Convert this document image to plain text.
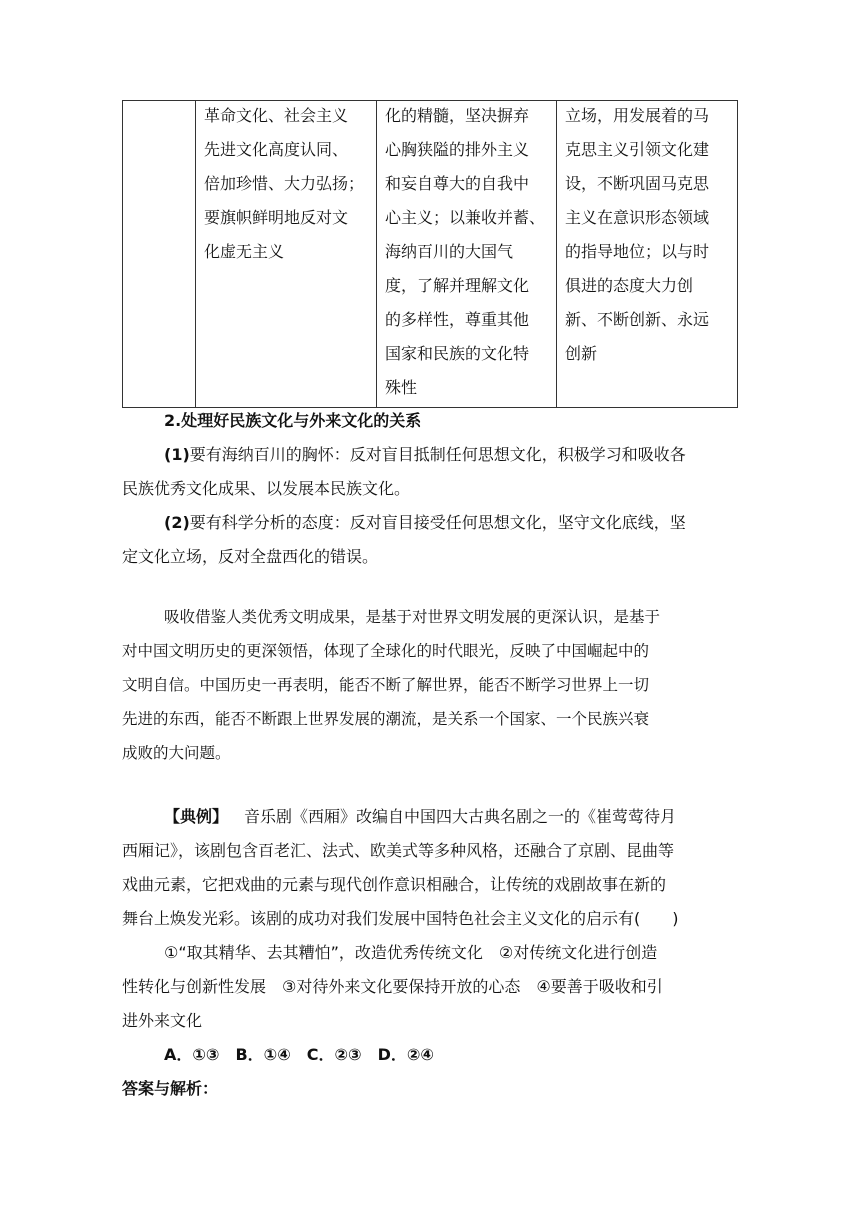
革命文化、社会主义
先进文化高度认同、
倍加珍惜、大力弘扬；
要旗帜鲜明地反对文
化虚无主义
化的精髓，坚决摒弃
心胸狭隘的排外主义
和妄自尊大的自我中
心主义；以兼收并蓄、
海纳百川的大国气
度，了解并理解文化
的多样性，尊重其他
国家和民族的文化特
殊性
立场，用发展着的马
克思主义引领文化建
设，不断巩固马克思
主义在意识形态领域
的指导地位；以与时
俱进的态度大力创
新、不断创新、永远
创新
2.处理好民族文化与外来文化的关系
(1)要有海纳百川的胸怀：反对盲目抵制任何思想文化，积极学习和吸收各
民族优秀文化成果、以发展本民族文化。
(2)要有科学分析的态度：反对盲目接受任何思想文化，坚守文化底线，坚
定文化立场，反对全盘西化的错误。
吸收借鉴人类优秀文明成果，是基于对世界文明发展的更深认识，是基于
对中国文明历史的更深领悟，体现了全球化的时代眼光，反映了中国崛起中的
文明自信。中国历史一再表明，能否不断了解世界，能否不断学习世界上一切
先进的东西，能否不断跟上世界发展的潮流，是关系一个国家、一个民族兴衰
成败的大问题。
【典例】 音乐剧《西厢》改编自中国四大古典名剧之一的《崔莺莺待月
西厢记》，该剧包含百老汇、法式、欧美式等多种风格，还融合了京剧、昆曲等
戏曲元素，它把戏曲的元素与现代创作意识相融合，让传统的戏剧故事在新的
舞台上焕发光彩。该剧的成功对我们发展中国特色社会主义文化的启示有(　　)
①“取其精华、去其糟怕”，改造优秀传统文化　②对传统文化进行创造
性转化与创新性发展　③对待外来文化要保持开放的心态　④要善于吸收和引
进外来文化
A．①③　B．①④　C．②③　D．②④
答案与解析：
